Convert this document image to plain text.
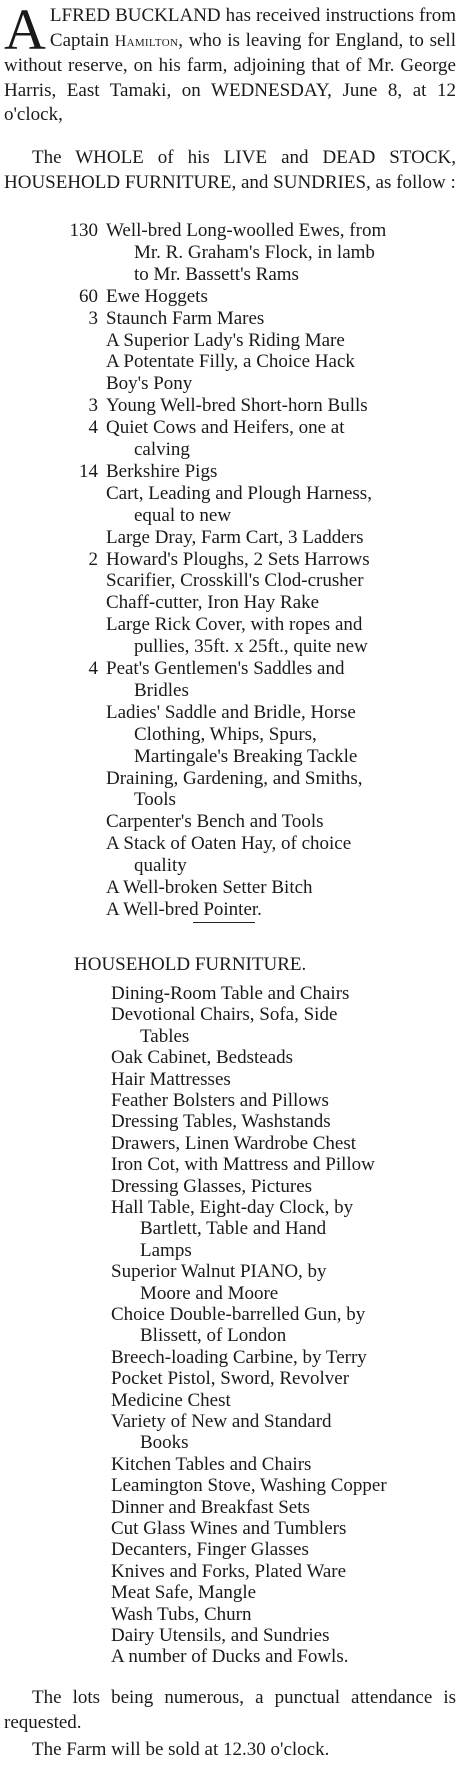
ALFRED BUCKLAND has received instructions from Captain Hamilton, who is leaving for England, to sell without reserve, on his farm, adjoining that of Mr. George Harris, East Tamaki, on WEDNESDAY, June 8, at 12 o'clock,
The WHOLE of his LIVE and DEAD STOCK, HOUSEHOLD FURNITURE, and SUNDRIES, as follow :
130 Well-bred Long-woolled Ewes, from
Mr. R. Graham's Flock, in lamb
to Mr. Bassett's Rams
60 Ewe Hoggets
3 Staunch Farm Mares
A Superior Lady's Riding Mare
A Potentate Filly, a Choice Hack
Boy's Pony
3 Young Well-bred Short-horn Bulls
4 Quiet Cows and Heifers, one at
calving
14 Berkshire Pigs
Cart, Leading and Plough Harness,
equal to new
Large Dray, Farm Cart, 3 Ladders
2 Howard's Ploughs, 2 Sets Harrows
Scarifier, Crosskill's Clod-crusher
Chaff-cutter, Iron Hay Rake
Large Rick Cover, with ropes and
pullies, 35ft. x 25ft., quite new
4 Peat's Gentlemen's Saddles and
Bridles
Ladies' Saddle and Bridle, Horse
Clothing, Whips, Spurs,
Martingale's Breaking Tackle
Draining, Gardening, and Smiths,
Tools
Carpenter's Bench and Tools
A Stack of Oaten Hay, of choice
quality
A Well-broken Setter Bitch
A Well-bred Pointer.
HOUSEHOLD FURNITURE.
Dining-Room Table and Chairs
Devotional Chairs, Sofa, Side
Tables
Oak Cabinet, Bedsteads
Hair Mattresses
Feather Bolsters and Pillows
Dressing Tables, Washstands
Drawers, Linen Wardrobe Chest
Iron Cot, with Mattress and Pillow
Dressing Glasses, Pictures
Hall Table, Eight-day Clock, by
Bartlett, Table and Hand
Lamps
Superior Walnut PIANO, by
Moore and Moore
Choice Double-barrelled Gun, by
Blissett, of London
Breech-loading Carbine, by Terry
Pocket Pistol, Sword, Revolver
Medicine Chest
Variety of New and Standard
Books
Kitchen Tables and Chairs
Leamington Stove, Washing Copper
Dinner and Breakfast Sets
Cut Glass Wines and Tumblers
Decanters, Finger Glasses
Knives and Forks, Plated Ware
Meat Safe, Mangle
Wash Tubs, Churn
Dairy Utensils, and Sundries
A number of Ducks and Fowls.
The lots being numerous, a punctual attendance is requested.
The Farm will be sold at 12.30 o'clock.
